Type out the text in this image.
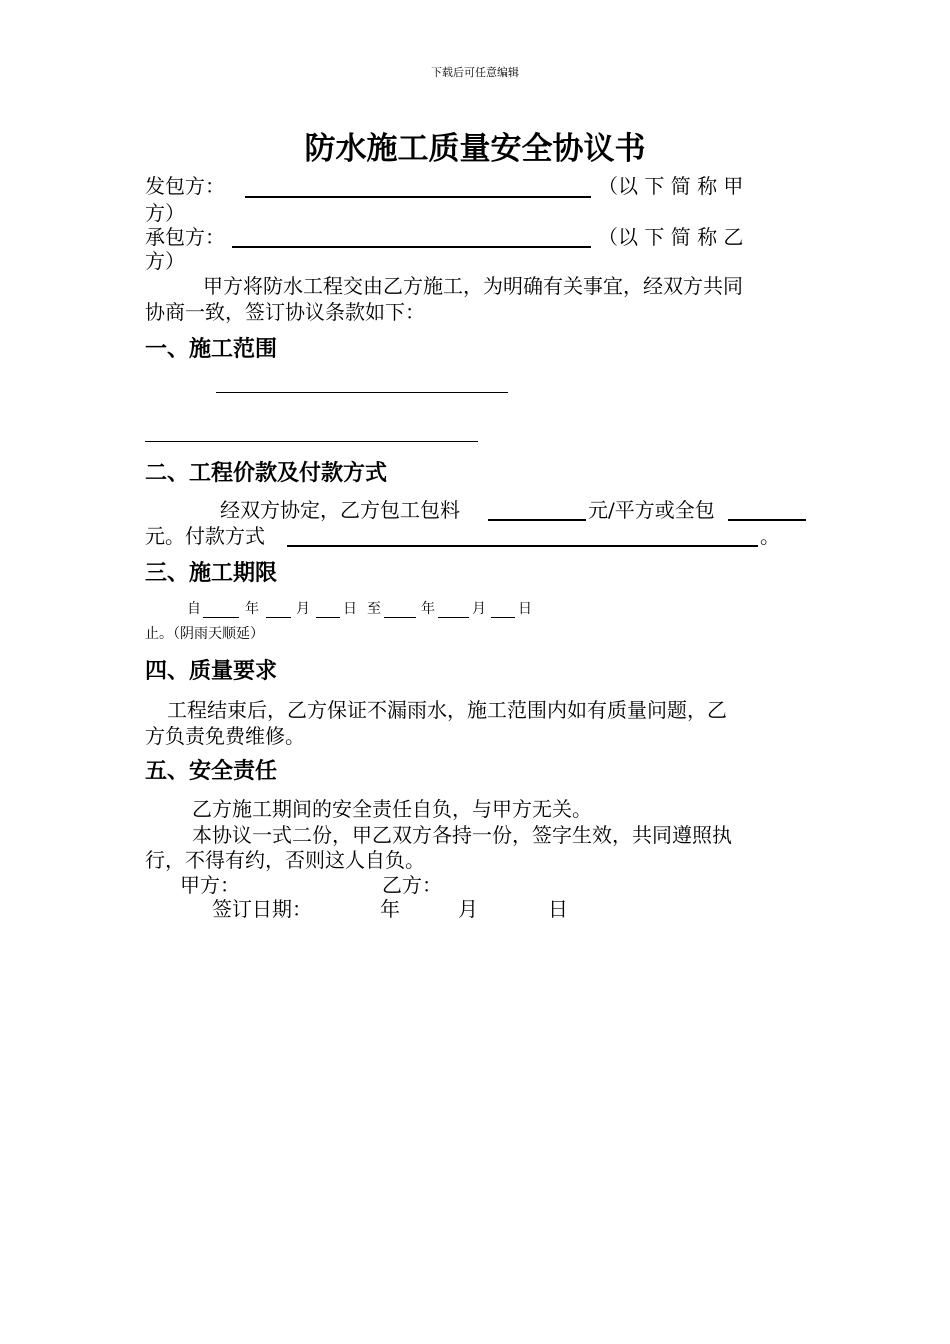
下载后可任意编辑
防水施工质量安全协议书
发包方：	（以 下 简 称 甲
方）
承包方：	（以 下 简 称 乙
方）
甲方将防水工程交由乙方施工，为明确有关事宜，经双方共同
协商一致，签订协议条款如下：
一、施工范围
二、工程价款及付款方式
经双方协定，乙方包工包料	元/平方或全包
元。付款方式	。
三、施工期限
自	年	月 日 至	年	月 日
止。（阴雨天顺延）
四、质量要求
工程结束后，乙方保证不漏雨水，施工范围内如有质量问题，乙
方负责免费维修。
五、安全责任
乙方施工期间的安全责任自负，与甲方无关。
本协议一式二份，甲乙双方各持一份，签字生效，共同遵照执
行，不得有约，否则这人自负。
甲方：	乙方：
签订日期：	年	月	日
